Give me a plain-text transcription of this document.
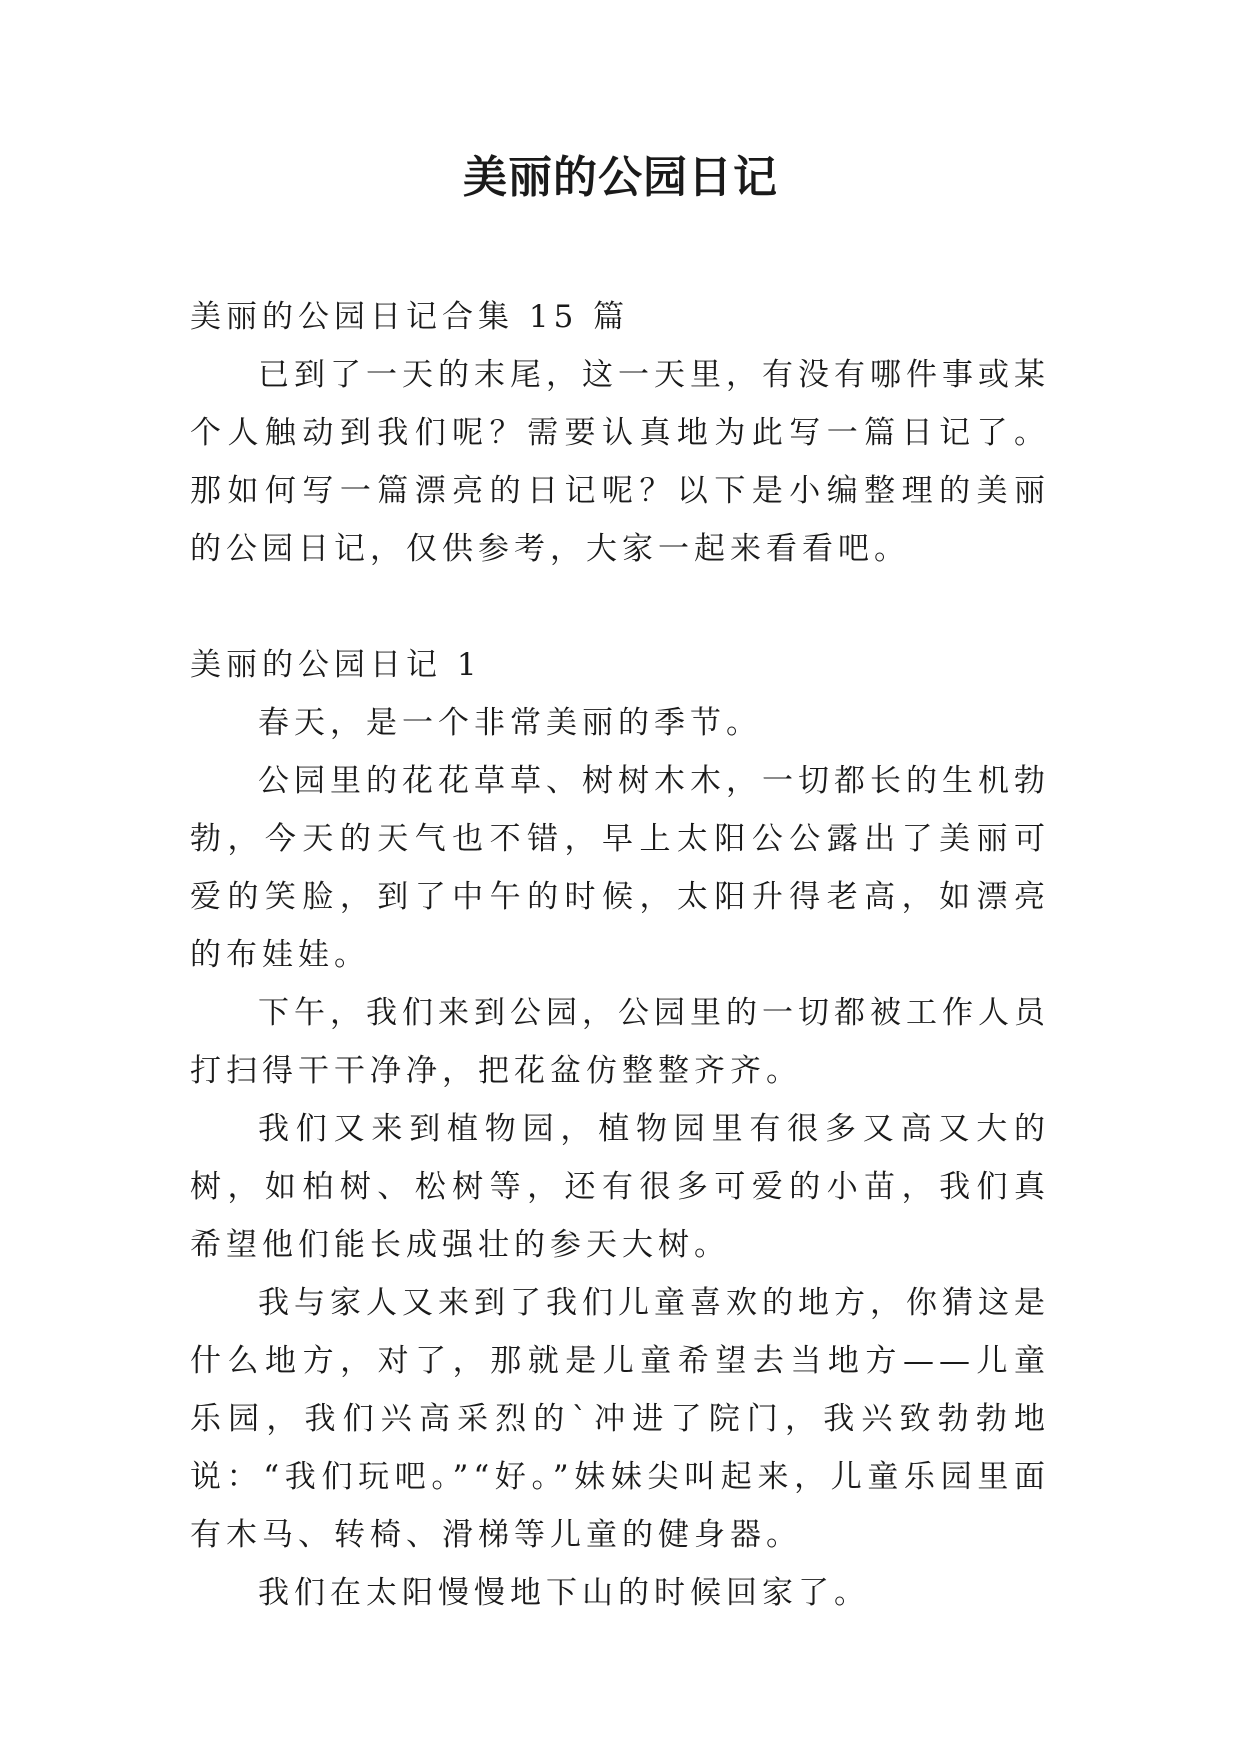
美丽的公园日记

美丽的公园日记合集 15 篇

已到了一天的末尾，这一天里，有没有哪件事或某个人触动到我们呢？需要认真地为此写一篇日记了。那如何写一篇漂亮的日记呢？以下是小编整理的美丽的公园日记，仅供参考，大家一起来看看吧。

美丽的公园日记 1

春天，是一个非常美丽的季节。

公园里的花花草草、树树木木，一切都长的生机勃勃，今天的天气也不错，早上太阳公公露出了美丽可爱的笑脸，到了中午的时候，太阳升得老高，如漂亮的布娃娃。

下午，我们来到公园，公园里的一切都被工作人员打扫得干干净净，把花盆仿整整齐齐。

我们又来到植物园，植物园里有很多又高又大的树，如柏树、松树等，还有很多可爱的小苗，我们真希望他们能长成强壮的参天大树。

我与家人又来到了我们儿童喜欢的地方，你猜这是什么地方，对了，那就是儿童希望去当地方——儿童乐园，我们兴高采烈的`冲进了院门，我兴致勃勃地说：“我们玩吧。”“好。”妹妹尖叫起来，儿童乐园里面有木马、转椅、滑梯等儿童的健身器。

我们在太阳慢慢地下山的时候回家了。
